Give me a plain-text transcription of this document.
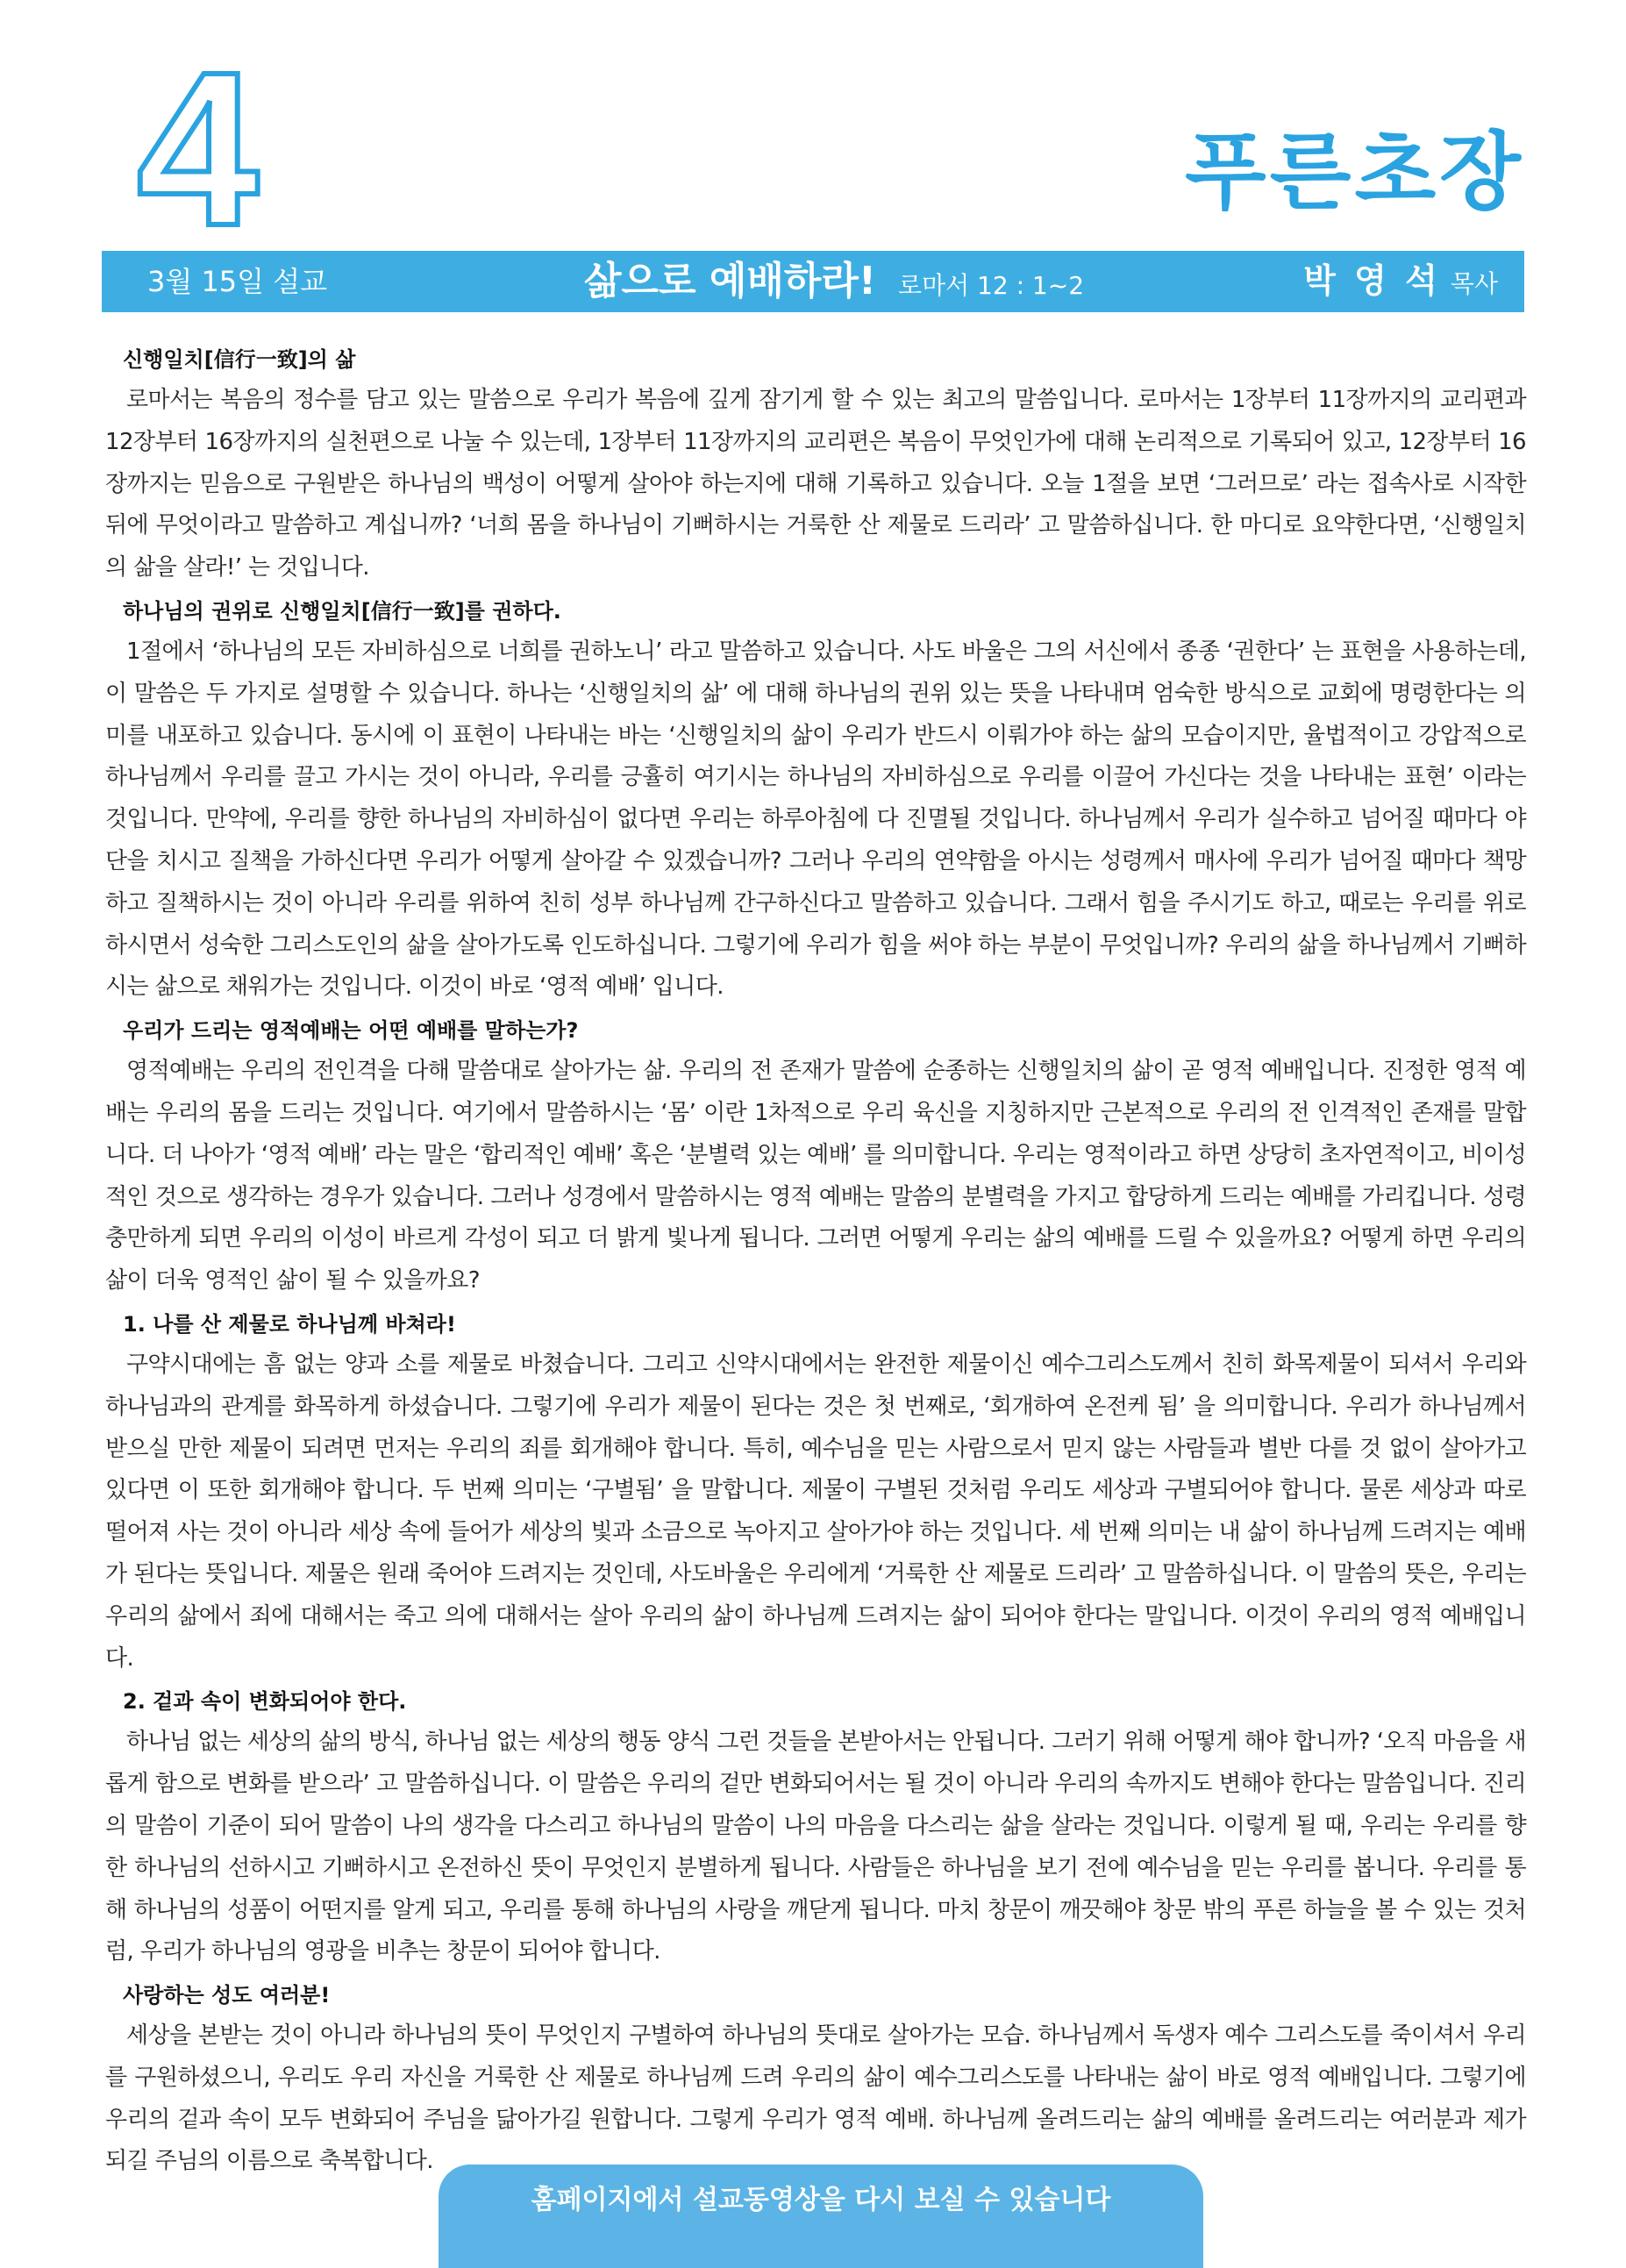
4	푸른초장
3월 15일 설교	삶으로 예배하라! 로마서 12 : 1~2	박 영 석 목사
신행일치[信行一致]의 삶

로마서는 복음의 정수를 담고 있는 말씀으로 우리가 복음에 깊게 잠기게 할 수 있는 최고의 말씀입니다. 로마서는 1장부터 11장까지의 교리편과 12장부터 16장까지의 실천편으로 나눌 수 있는데, 1장부터 11장까지의 교리편은 복음이 무엇인가에 대해 논리적으로 기록되어 있고, 12장부터 16장까지는 믿음으로 구원받은 하나님의 백성이 어떻게 살아야 하는지에 대해 기록하고 있습니다. 오늘 1절을 보면 ‘그러므로’ 라는 접속사로 시작한 뒤에 무엇이라고 말씀하고 계십니까? ‘너희 몸을 하나님이 기뻐하시는 거룩한 산 제물로 드리라’ 고 말씀하십니다. 한 마디로 요약한다면, ‘신행일치의 삶을 살라!’ 는 것입니다.

하나님의 권위로 신행일치[信行一致]를 권하다.

1절에서 ‘하나님의 모든 자비하심으로 너희를 권하노니’ 라고 말씀하고 있습니다. 사도 바울은 그의 서신에서 종종 ‘권한다’ 는 표현을 사용하는데, 이 말씀은 두 가지로 설명할 수 있습니다. 하나는 ‘신행일치의 삶’ 에 대해 하나님의 권위 있는 뜻을 나타내며 엄숙한 방식으로 교회에 명령한다는 의미를 내포하고 있습니다. 동시에 이 표현이 나타내는 바는 ‘신행일치의 삶이 우리가 반드시 이뤄가야 하는 삶의 모습이지만, 율법적이고 강압적으로 하나님께서 우리를 끌고 가시는 것이 아니라, 우리를 긍휼히 여기시는 하나님의 자비하심으로 우리를 이끌어 가신다는 것을 나타내는 표현’ 이라는 것입니다. 만약에, 우리를 향한 하나님의 자비하심이 없다면 우리는 하루아침에 다 진멸될 것입니다. 하나님께서 우리가 실수하고 넘어질 때마다 야단을 치시고 질책을 가하신다면 우리가 어떻게 살아갈 수 있겠습니까? 그러나 우리의 연약함을 아시는 성령께서 매사에 우리가 넘어질 때마다 책망하고 질책하시는 것이 아니라 우리를 위하여 친히 성부 하나님께 간구하신다고 말씀하고 있습니다. 그래서 힘을 주시기도 하고, 때로는 우리를 위로하시면서 성숙한 그리스도인의 삶을 살아가도록 인도하십니다. 그렇기에 우리가 힘을 써야 하는 부분이 무엇입니까? 우리의 삶을 하나님께서 기뻐하시는 삶으로 채워가는 것입니다. 이것이 바로 ‘영적 예배’ 입니다.

우리가 드리는 영적예배는 어떤 예배를 말하는가?

영적예배는 우리의 전인격을 다해 말씀대로 살아가는 삶. 우리의 전 존재가 말씀에 순종하는 신행일치의 삶이 곧 영적 예배입니다. 진정한 영적 예배는 우리의 몸을 드리는 것입니다. 여기에서 말씀하시는 ‘몸’ 이란 1차적으로 우리 육신을 지칭하지만 근본적으로 우리의 전 인격적인 존재를 말합니다. 더 나아가 ‘영적 예배’ 라는 말은 ‘합리적인 예배’ 혹은 ‘분별력 있는 예배’ 를 의미합니다. 우리는 영적이라고 하면 상당히 초자연적이고, 비이성적인 것으로 생각하는 경우가 있습니다. 그러나 성경에서 말씀하시는 영적 예배는 말씀의 분별력을 가지고 합당하게 드리는 예배를 가리킵니다. 성령 충만하게 되면 우리의 이성이 바르게 각성이 되고 더 밝게 빛나게 됩니다. 그러면 어떻게 우리는 삶의 예배를 드릴 수 있을까요? 어떻게 하면 우리의 삶이 더욱 영적인 삶이 될 수 있을까요?

1. 나를 산 제물로 하나님께 바쳐라!

구약시대에는 흠 없는 양과 소를 제물로 바쳤습니다. 그리고 신약시대에서는 완전한 제물이신 예수그리스도께서 친히 화목제물이 되셔서 우리와 하나님과의 관계를 화목하게 하셨습니다. 그렇기에 우리가 제물이 된다는 것은 첫 번째로, ‘회개하여 온전케 됨’ 을 의미합니다. 우리가 하나님께서 받으실 만한 제물이 되려면 먼저는 우리의 죄를 회개해야 합니다. 특히, 예수님을 믿는 사람으로서 믿지 않는 사람들과 별반 다를 것 없이 살아가고 있다면 이 또한 회개해야 합니다. 두 번째 의미는 ‘구별됨’ 을 말합니다. 제물이 구별된 것처럼 우리도 세상과 구별되어야 합니다. 물론 세상과 따로 떨어져 사는 것이 아니라 세상 속에 들어가 세상의 빛과 소금으로 녹아지고 살아가야 하는 것입니다. 세 번째 의미는 내 삶이 하나님께 드려지는 예배가 된다는 뜻입니다. 제물은 원래 죽어야 드려지는 것인데, 사도바울은 우리에게 ‘거룩한 산 제물로 드리라’ 고 말씀하십니다. 이 말씀의 뜻은, 우리는 우리의 삶에서 죄에 대해서는 죽고 의에 대해서는 살아 우리의 삶이 하나님께 드려지는 삶이 되어야 한다는 말입니다. 이것이 우리의 영적 예배입니다.

2. 겉과 속이 변화되어야 한다.

하나님 없는 세상의 삶의 방식, 하나님 없는 세상의 행동 양식 그런 것들을 본받아서는 안됩니다. 그러기 위해 어떻게 해야 합니까? ‘오직 마음을 새롭게 함으로 변화를 받으라’ 고 말씀하십니다. 이 말씀은 우리의 겉만 변화되어서는 될 것이 아니라 우리의 속까지도 변해야 한다는 말씀입니다. 진리의 말씀이 기준이 되어 말씀이 나의 생각을 다스리고 하나님의 말씀이 나의 마음을 다스리는 삶을 살라는 것입니다. 이렇게 될 때, 우리는 우리를 향한 하나님의 선하시고 기뻐하시고 온전하신 뜻이 무엇인지 분별하게 됩니다. 사람들은 하나님을 보기 전에 예수님을 믿는 우리를 봅니다. 우리를 통해 하나님의 성품이 어떤지를 알게 되고, 우리를 통해 하나님의 사랑을 깨닫게 됩니다. 마치 창문이 깨끗해야 창문 밖의 푸른 하늘을 볼 수 있는 것처럼, 우리가 하나님의 영광을 비추는 창문이 되어야 합니다.

사랑하는 성도 여러분!

세상을 본받는 것이 아니라 하나님의 뜻이 무엇인지 구별하여 하나님의 뜻대로 살아가는 모습. 하나님께서 독생자 예수 그리스도를 죽이셔서 우리를 구원하셨으니, 우리도 우리 자신을 거룩한 산 제물로 하나님께 드려 우리의 삶이 예수그리스도를 나타내는 삶이 바로 영적 예배입니다. 그렇기에 우리의 겉과 속이 모두 변화되어 주님을 닮아가길 원합니다. 그렇게 우리가 영적 예배. 하나님께 올려드리는 삶의 예배를 올려드리는 여러분과 제가 되길 주님의 이름으로 축복합니다.

홈페이지에서 설교동영상을 다시 보실 수 있습니다
